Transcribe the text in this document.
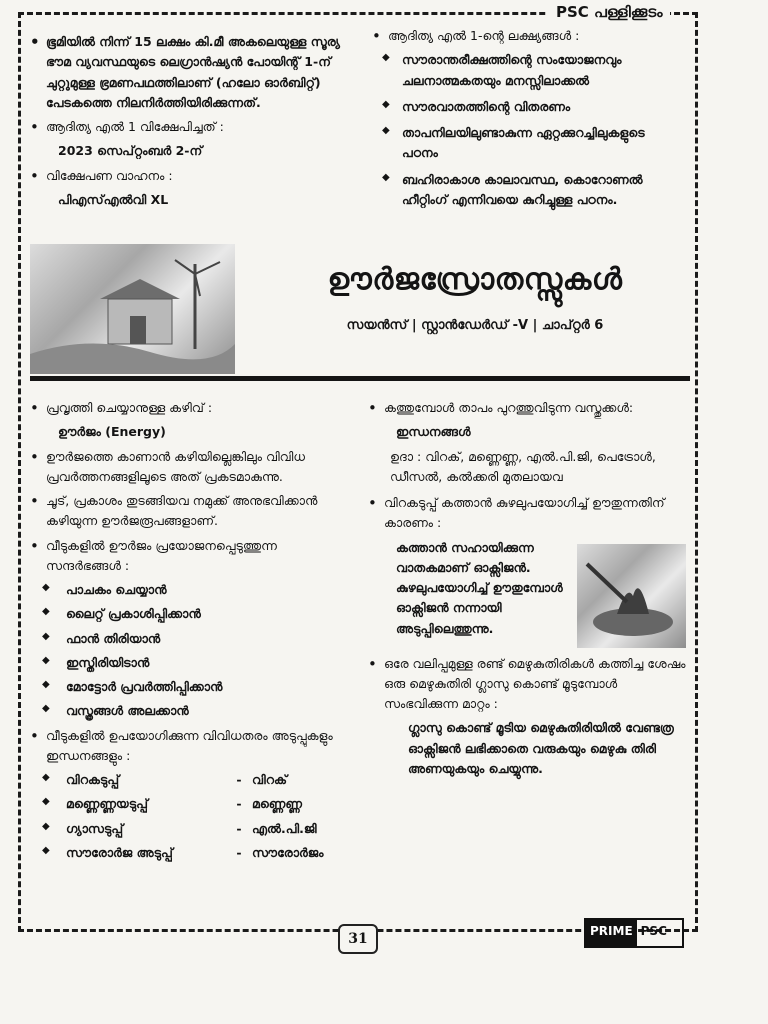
PSC പള്ളിക്കൂടം
• ഭൂമിയിൽ നിന്ന് 15 ലക്ഷം കി.മീ അകലെയുള്ള സൂര്യ ഭൗമ വ്യവസ്ഥയുടെ ലെഗ്രാൻഷ്യൻ പോയിന്റ് 1-ന് ചുറ്റുമുള്ള ഭ്രമണപഥത്തിലാണ് (ഹലോ ഓർബിറ്റ്) പേടകത്തെ നിലനിർത്തിയിരിക്കുന്നത്.
• ആദിത്യ എൽ 1 വിക്ഷേപിച്ചത് :
2023 സെപ്റ്റംബർ 2-ന്
• വിക്ഷേപണ വാഹനം :
പിഎസ്എൽവി XL
• ആദിത്യ എൽ 1-ന്റെ ലക്ഷ്യങ്ങൾ :
◆ സൗരാന്തരീക്ഷത്തിന്റെ സംയോജനവും ചലനാത്മകതയും മനസ്സിലാക്കൽ
◆ സൗരവാതത്തിന്റെ വിതരണം
◆ താപനിലയിലുണ്ടാകുന്ന ഏറ്റക്കുറച്ചിലുകളുടെ പഠനം
◆ ബഹിരാകാശ കാലാവസ്ഥ, കൊറോണൽ ഹീറ്റിംഗ് എന്നിവയെ കുറിച്ചുള്ള പഠനം.
ഊർജസ്രോതസ്സുകൾ
സയൻസ് | സ്റ്റാൻഡേർഡ് -V | ചാപ്റ്റർ 6
• പ്രവൃത്തി ചെയ്യാനുള്ള കഴിവ് :
ഊർജം (Energy)
• ഊർജത്തെ കാണാൻ കഴിയില്ലെങ്കിലും വിവിധ പ്രവർത്തനങ്ങളിലൂടെ അത് പ്രകടമാകുന്നു.
• ചൂട്, പ്രകാശം തുടങ്ങിയവ നമുക്ക് അനുഭവിക്കാൻ കഴിയുന്ന ഊർജരൂപങ്ങളാണ്.
• വീടുകളിൽ ഊർജം പ്രയോജനപ്പെടുത്തുന്ന സന്ദർഭങ്ങൾ :
◆ പാചകം ചെയ്യാൻ
◆ ലൈറ്റ് പ്രകാശിപ്പിക്കാൻ
◆ ഫാൻ തിരിയാൻ
◆ ഇസ്തിരിയിടാൻ
◆ മോട്ടോർ പ്രവർത്തിപ്പിക്കാൻ
◆ വസ്ത്രങ്ങൾ അലക്കാൻ
• വീടുകളിൽ ഉപയോഗിക്കുന്ന വിവിധതരം അടുപ്പുകളും ഇന്ധനങ്ങളും :
◆ വിറകടുപ്പ്	- വിറക്
◆ മണ്ണെണ്ണയടുപ്പ്	- മണ്ണെണ്ണ
◆ ഗ്യാസടുപ്പ്	- എൽ.പി.ജി
◆ സൗരോർജ അടുപ്പ്	- സൗരോർജം
• കത്തുമ്പോൾ താപം പുറത്തുവിടുന്ന വസ്തുക്കൾ:
ഇന്ധനങ്ങൾ
ഉദാ : വിറക്, മണ്ണെണ്ണ, എൽ.പി.ജി, പെട്രോൾ, ഡീസൽ, കൽക്കരി മുതലായവ
• വിറകടുപ്പ് കത്താൻ കുഴലുപയോഗിച്ച് ഊതുന്നതിന് കാരണം :
കത്താൻ സഹായിക്കുന്ന വാതകമാണ് ഓക്സിജൻ. കുഴലുപയോഗിച്ച് ഊതുമ്പോൾ ഓക്സിജൻ നന്നായി അടുപ്പിലെത്തുന്നു.
• ഒരേ വലിപ്പമുള്ള രണ്ട് മെഴുകുതിരികൾ കത്തിച്ച ശേഷം ഒരു മെഴുകുതിരി ഗ്ലാസു കൊണ്ട് മൂടുമ്പോൾ സംഭവിക്കുന്ന മാറ്റം :
ഗ്ലാസു കൊണ്ട് മൂടിയ മെഴുകുതിരിയിൽ വേണ്ടത്ര ഓക്സിജൻ ലഭിക്കാതെ വരുകയും മെഴുകു തിരി അണയുകയും ചെയ്യുന്നു.
31	PRIME PSC
